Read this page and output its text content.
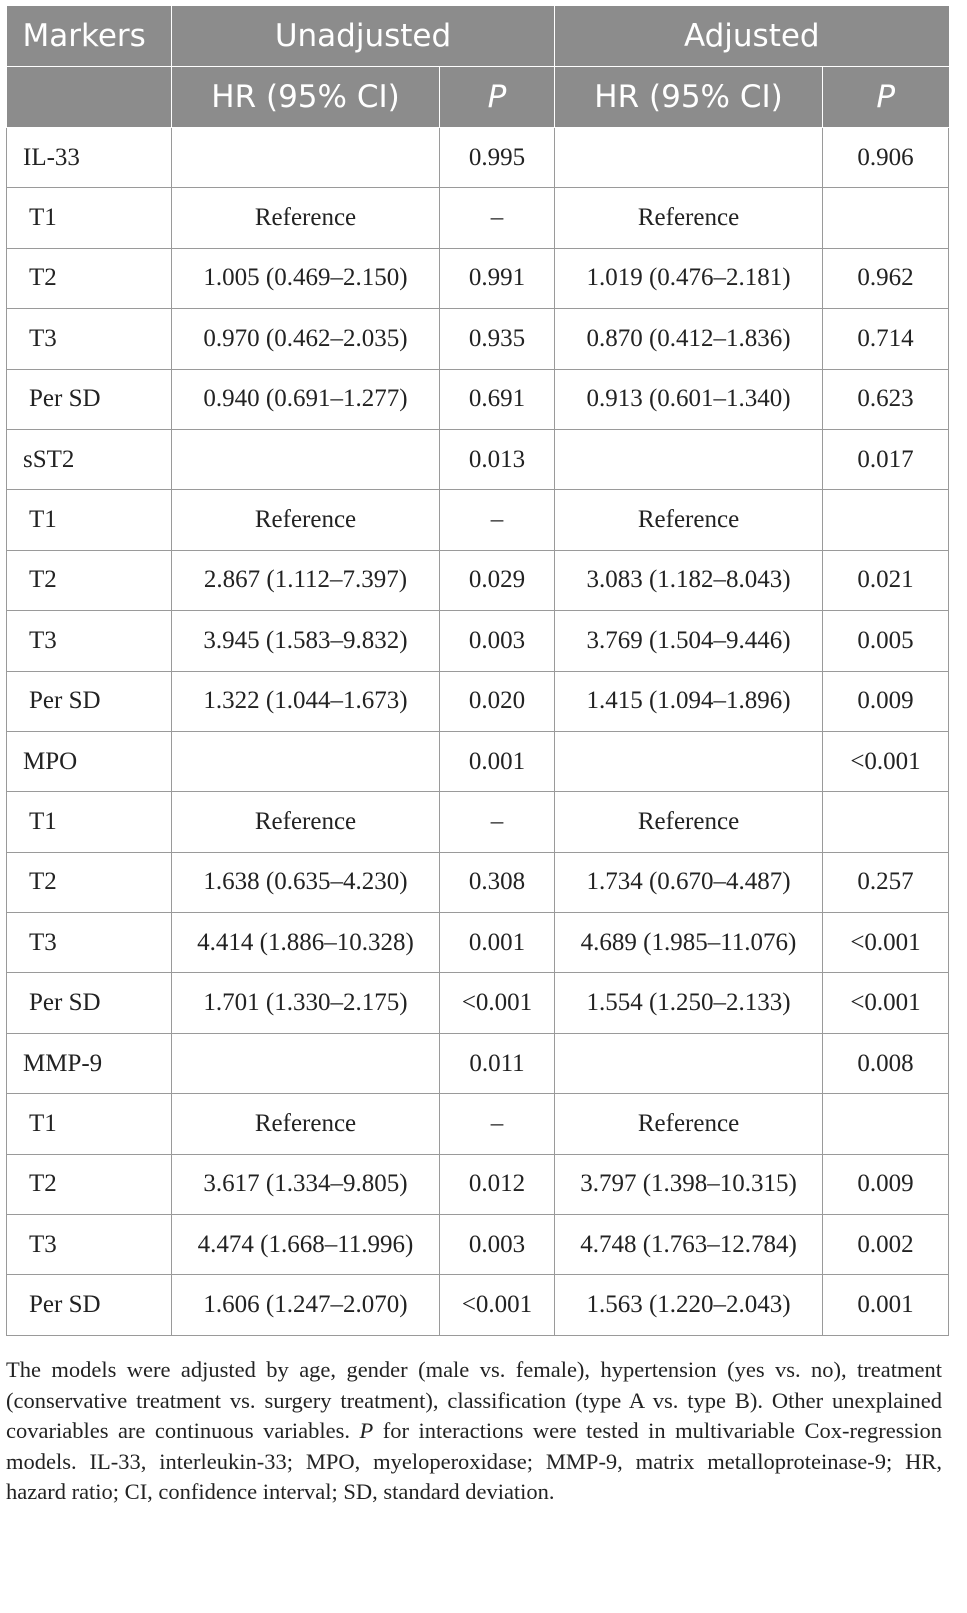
Markers	Unadjusted		Adjusted	
	HR (95% CI)	P	HR (95% CI)	P
IL-33		0.995		0.906
T1	Reference	–	Reference	
T2	1.005 (0.469–2.150)	0.991	1.019 (0.476–2.181)	0.962
T3	0.970 (0.462–2.035)	0.935	0.870 (0.412–1.836)	0.714
Per SD	0.940 (0.691–1.277)	0.691	0.913 (0.601–1.340)	0.623
sST2		0.013		0.017
T1	Reference	–	Reference	
T2	2.867 (1.112–7.397)	0.029	3.083 (1.182–8.043)	0.021
T3	3.945 (1.583–9.832)	0.003	3.769 (1.504–9.446)	0.005
Per SD	1.322 (1.044–1.673)	0.020	1.415 (1.094–1.896)	0.009
MPO		0.001		<0.001
T1	Reference	–	Reference	
T2	1.638 (0.635–4.230)	0.308	1.734 (0.670–4.487)	0.257
T3	4.414 (1.886–10.328)	0.001	4.689 (1.985–11.076)	<0.001
Per SD	1.701 (1.330–2.175)	<0.001	1.554 (1.250–2.133)	<0.001
MMP-9		0.011		0.008
T1	Reference	–	Reference	
T2	3.617 (1.334–9.805)	0.012	3.797 (1.398–10.315)	0.009
T3	4.474 (1.668–11.996)	0.003	4.748 (1.763–12.784)	0.002
Per SD	1.606 (1.247–2.070)	<0.001	1.563 (1.220–2.043)	0.001
The models were adjusted by age, gender (male vs. female), hypertension (yes vs. no), treatment (conservative treatment vs. surgery treatment), classification (type A vs. type B). Other unexplained covariables are continuous variables. P for interactions were tested in multivariable Cox-regression models. IL-33, interleukin-33; MPO, myeloperoxidase; MMP-9, matrix metalloproteinase-9; HR, hazard ratio; CI, confidence interval; SD, standard deviation.
